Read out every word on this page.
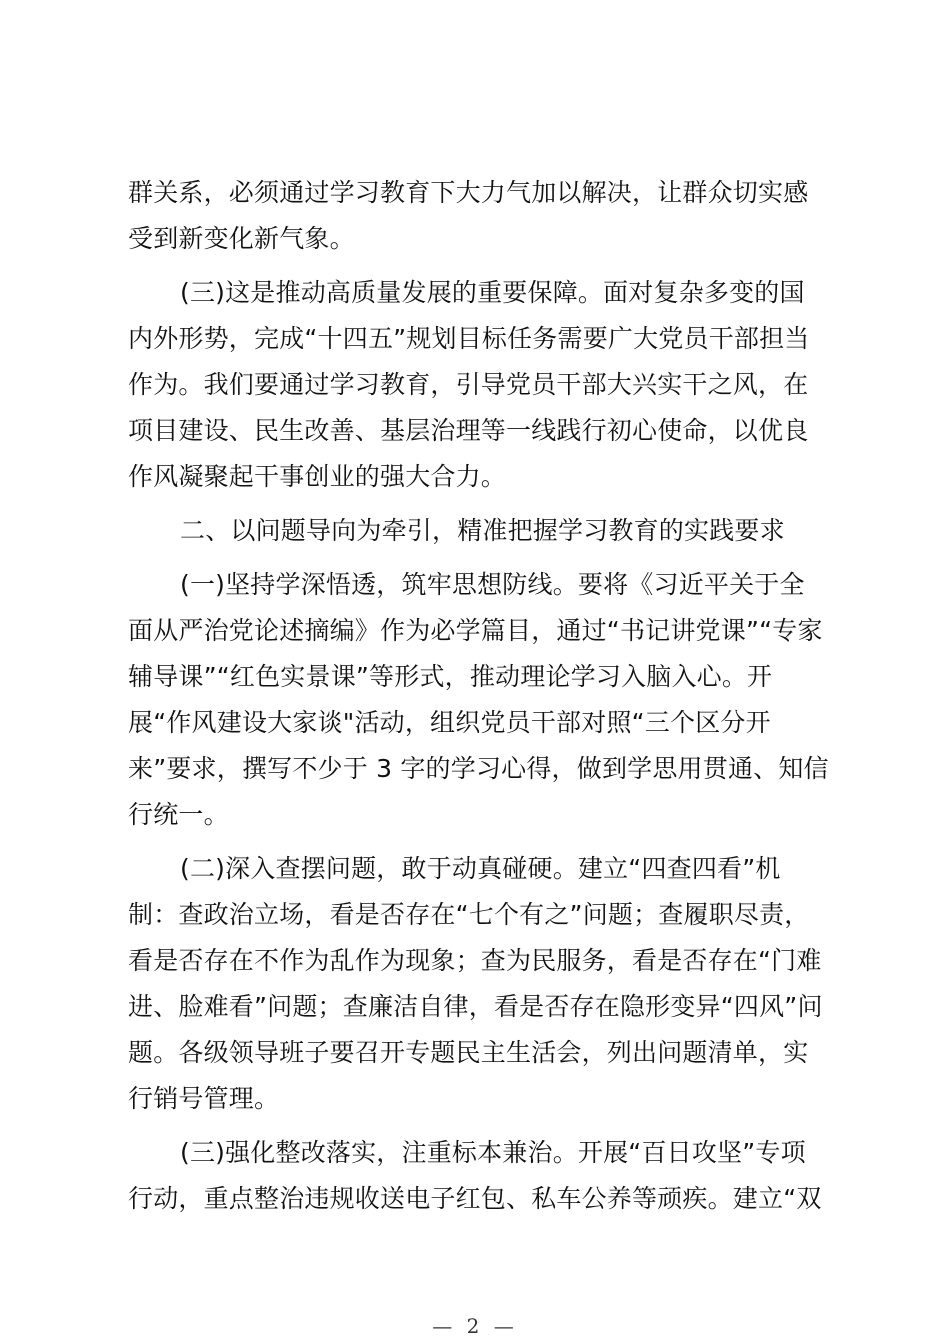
群关系，必须通过学习教育下大力气加以解决，让群众切实感
受到新变化新气象。
(三)这是推动高质量发展的重要保障。面对复杂多变的国
内外形势，完成“十四五”规划目标任务需要广大党员干部担当
作为。我们要通过学习教育，引导党员干部大兴实干之风，在
项目建设、民生改善、基层治理等一线践行初心使命，以优良
作风凝聚起干事创业的强大合力。
二、以问题导向为牵引，精准把握学习教育的实践要求
(一)坚持学深悟透，筑牢思想防线。要将《习近平关于全
面从严治党论述摘编》作为必学篇目，通过“书记讲党课”“专家
辅导课”“红色实景课”等形式，推动理论学习入脑入心。开
展“作风建设大家谈"活动，组织党员干部对照“三个区分开
来”要求，撰写不少于 3 字的学习心得，做到学思用贯通、知信
行统一。
(二)深入查摆问题，敢于动真碰硬。建立“四查四看”机
制：查政治立场，看是否存在“七个有之”问题；查履职尽责，
看是否存在不作为乱作为现象；查为民服务，看是否存在“门难
进、脸难看”问题；查廉洁自律，看是否存在隐形变异“四风”问
题。各级领导班子要召开专题民主生活会，列出问题清单，实
行销号管理。
(三)强化整改落实，注重标本兼治。开展“百日攻坚”专项
行动，重点整治违规收送电子红包、私车公养等顽疾。建立“双
— 2 —
